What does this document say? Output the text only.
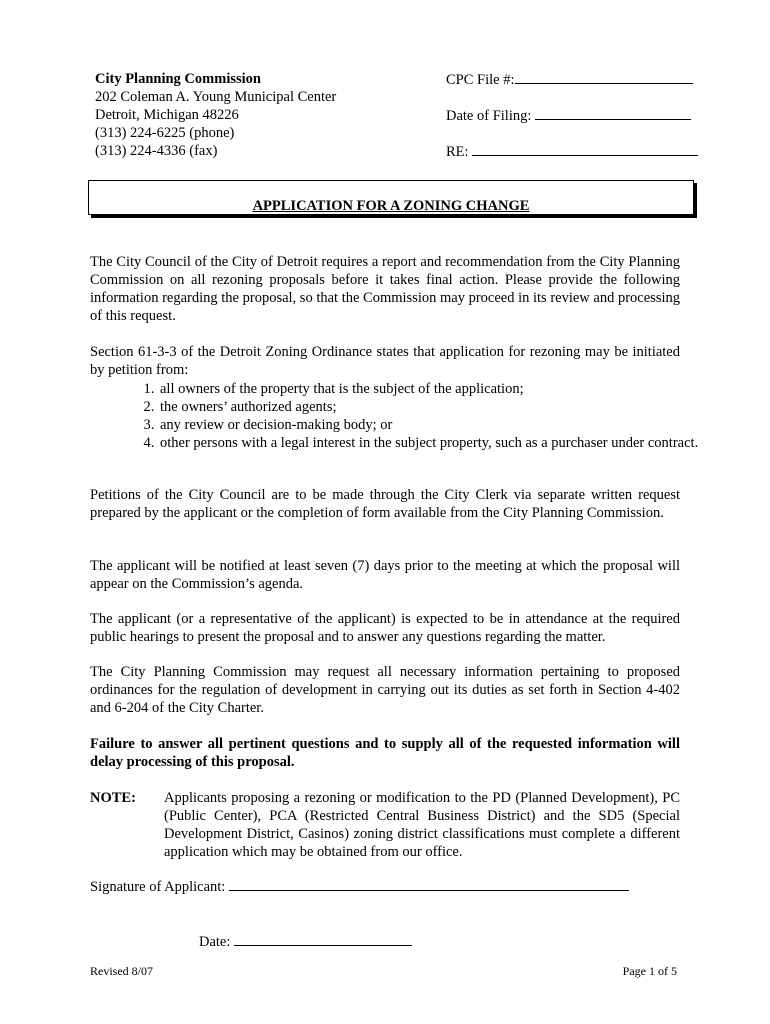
City Planning Commission
202 Coleman A. Young Municipal Center
Detroit, Michigan 48226
(313) 224-6225 (phone)
(313) 224-4336 (fax)
CPC File #:
Date of Filing:
RE:
APPLICATION FOR A ZONING CHANGE
The City Council of the City of Detroit requires a report and recommendation from the City Planning Commission on all rezoning proposals before it takes final action. Please provide the following information regarding the proposal, so that the Commission may proceed in its review and processing of this request.
Section 61-3-3 of the Detroit Zoning Ordinance states that application for rezoning may be initiated by petition from:
1. all owners of the property that is the subject of the application;
2. the owners’ authorized agents;
3. any review or decision-making body; or
4. other persons with a legal interest in the subject property, such as a purchaser under contract.
Petitions of the City Council are to be made through the City Clerk via separate written request prepared by the applicant or the completion of form available from the City Planning Commission.
The applicant will be notified at least seven (7) days prior to the meeting at which the proposal will appear on the Commission’s agenda.
The applicant (or a representative of the applicant) is expected to be in attendance at the required public hearings to present the proposal and to answer any questions regarding the matter.
The City Planning Commission may request all necessary information pertaining to proposed ordinances for the regulation of development in carrying out its duties as set forth in Section 4-402 and 6-204 of the City Charter.
Failure to answer all pertinent questions and to supply all of the requested information will delay processing of this proposal.
NOTE: Applicants proposing a rezoning or modification to the PD (Planned Development), PC (Public Center), PCA (Restricted Central Business District) and the SD5 (Special Development District, Casinos) zoning district classifications must complete a different application which may be obtained from our office.
Signature of Applicant:
Date:
Revised 8/07	Page 1 of 5
